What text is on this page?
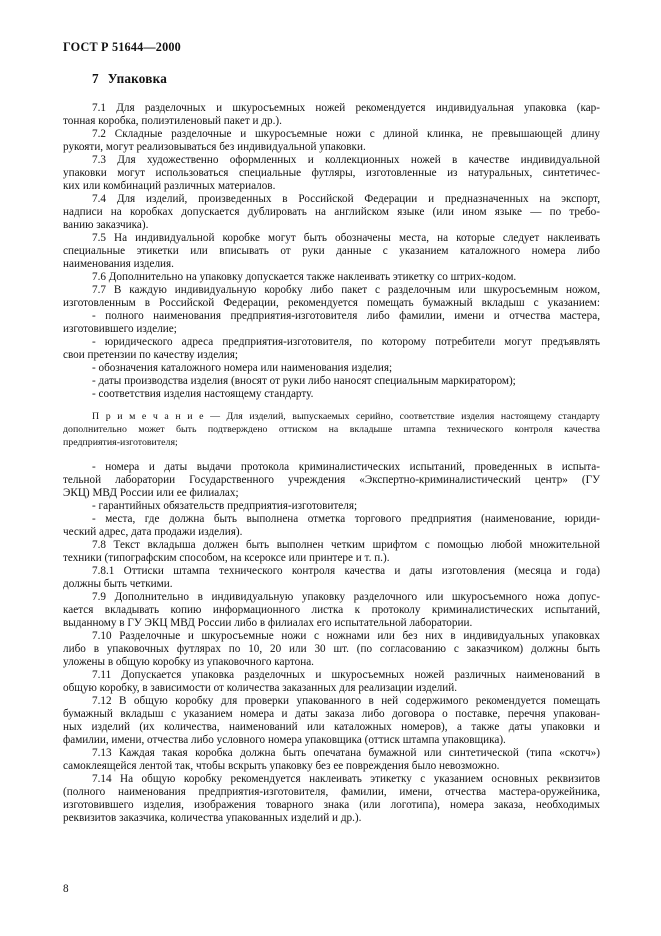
ГОСТ Р 51644—2000
7 Упаковка
7.1 Для разделочных и шкуросъемных ножей рекомендуется индивидуальная упаковка (кар-
тонная коробка, полиэтиленовый пакет и др.).
7.2 Складные разделочные и шкуросъемные ножи с длиной клинка, не превышающей длину
рукояти, могут реализовываться без индивидуальной упаковки.
7.3 Для художественно оформленных и коллекционных ножей в качестве индивидуальной
упаковки могут использоваться специальные футляры, изготовленные из натуральных, синтетичес-
ких или комбинаций различных материалов.
7.4 Для изделий, произведенных в Российской Федерации и предназначенных на экспорт,
надписи на коробках допускается дублировать на английском языке (или ином языке — по требо-
ванию заказчика).
7.5 На индивидуальной коробке могут быть обозначены места, на которые следует наклеивать
специальные этикетки или вписывать от руки данные с указанием каталожного номера либо
наименования изделия.
7.6 Дополнительно на упаковку допускается также наклеивать этикетку со штрих-кодом.
7.7 В каждую индивидуальную коробку либо пакет с разделочным или шкуросъемным ножом,
изготовленным в Российской Федерации, рекомендуется помещать бумажный вкладыш с указанием:
- полного наименования предприятия-изготовителя либо фамилии, имени и отчества мастера,
изготовившего изделие;
- юридического адреса предприятия-изготовителя, по которому потребители могут предъявлять
свои претензии по качеству изделия;
- обозначения каталожного номера или наименования изделия;
- даты производства изделия (вносят от руки либо наносят специальным маркиратором);
- соответствия изделия настоящему стандарту.
П р и м е ч а н и е — Для изделий, выпускаемых серийно, соответствие изделия настоящему стандарту
дополнительно может быть подтверждено оттиском на вкладыше штампа технического контроля качества
предприятия-изготовителя;
- номера и даты выдачи протокола криминалистических испытаний, проведенных в испыта-
тельной лаборатории Государственного учреждения «Экспертно-криминалистический центр» (ГУ
ЭКЦ) МВД России или ее филиалах;
- гарантийных обязательств предприятия-изготовителя;
- места, где должна быть выполнена отметка торгового предприятия (наименование, юриди-
ческий адрес, дата продажи изделия).
7.8 Текст вкладыша должен быть выполнен четким шрифтом с помощью любой множительной
техники (типографским способом, на ксероксе или принтере и т. п.).
7.8.1 Оттиски штампа технического контроля качества и даты изготовления (месяца и года)
должны быть четкими.
7.9 Дополнительно в индивидуальную упаковку разделочного или шкуросъемного ножа допус-
кается вкладывать копию информационного листка к протоколу криминалистических испытаний,
выданному в ГУ ЭКЦ МВД России либо в филиалах его испытательной лаборатории.
7.10 Разделочные и шкуросъемные ножи с ножнами или без них в индивидуальных упаковках
либо в упаковочных футлярах по 10, 20 или 30 шт. (по согласованию с заказчиком) должны быть
уложены в общую коробку из упаковочного картона.
7.11 Допускается упаковка разделочных и шкуросъемных ножей различных наименований в
общую коробку, в зависимости от количества заказанных для реализации изделий.
7.12 В общую коробку для проверки упакованного в ней содержимого рекомендуется помещать
бумажный вкладыш с указанием номера и даты заказа либо договора о поставке, перечня упакован-
ных изделий (их количества, наименований или каталожных номеров), а также даты упаковки и
фамилии, имени, отчества либо условного номера упаковщика (оттиск штампа упаковщика).
7.13 Каждая такая коробка должна быть опечатана бумажной или синтетической (типа «скотч»)
самоклеящейся лентой так, чтобы вскрыть упаковку без ее повреждения было невозможно.
7.14 На общую коробку рекомендуется наклеивать этикетку с указанием основных реквизитов
(полного наименования предприятия-изготовителя, фамилии, имени, отчества мастера-оружейника,
изготовившего изделия, изображения товарного знака (или логотипа), номера заказа, необходимых
реквизитов заказчика, количества упакованных изделий и др.).
8
